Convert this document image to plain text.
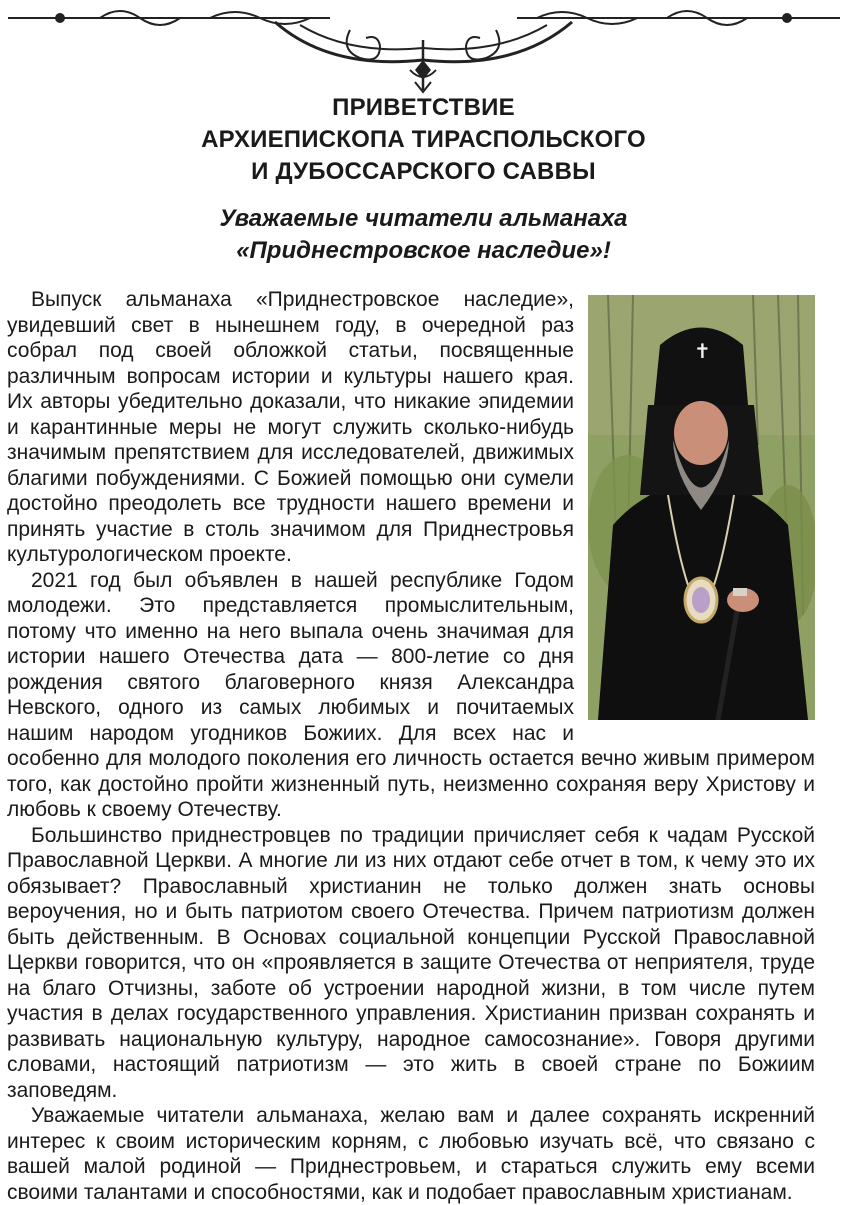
ПРИВЕТСТВИЕ
АРХИЕПИСКОПА ТИРАСПОЛЬСКОГО
И ДУБОССАРСКОГО САВВЫ
Уважаемые читатели альманаха
«Приднестровское наследие»!
✝

Выпуск альманаха «Приднестровское наследие», увидевший свет в нынешнем году, в очередной раз собрал под своей обложкой статьи, посвященные различным вопросам истории и культуры нашего края. Их авторы убедительно доказали, что никакие эпидемии и карантинные меры не могут служить сколько-нибудь значимым препятствием для исследователей, движимых благими побуждениями. С Божией помощью они сумели достойно преодолеть все трудности нашего времени и принять участие в столь значимом для Приднестровья культурологическом проекте.

2021 год был объявлен в нашей республике Годом молодежи. Это представляется промыслительным, потому что именно на него выпала очень значимая для истории нашего Отечества дата — 800-летие со дня рождения святого благоверного князя Александра Невского, одного из самых любимых и почитаемых нашим народом угодников Божиих. Для всех нас и особенно для молодого поколения его личность остается вечно живым примером того, как достойно пройти жизненный путь, неизменно сохраняя веру Христову и любовь к своему Отечеству.

Большинство приднестровцев по традиции причисляет себя к чадам Русской Православной Церкви. А многие ли из них отдают себе отчет в том, к чему это их обязывает? Православный христианин не только должен знать основы вероучения, но и быть патриотом своего Отечества. Причем патриотизм должен быть действенным. В Основах социальной концепции Русской Православной Церкви говорится, что он «проявляется в защите Отечества от неприятеля, труде на благо Отчизны, заботе об устроении народной жизни, в том числе путем участия в делах государственного управления. Христианин призван сохранять и развивать национальную культуру, народное самосознание». Говоря другими словами, настоящий патриотизм — это жить в своей стране по Божиим заповедям.

Уважаемые читатели альманаха, желаю вам и далее сохранять искренний интерес к своим историческим корням, с любовью изучать всё, что связано с вашей малой родиной — Приднестровьем, и стараться служить ему всеми своими талантами и способностями, как и подобает православным христианам.
